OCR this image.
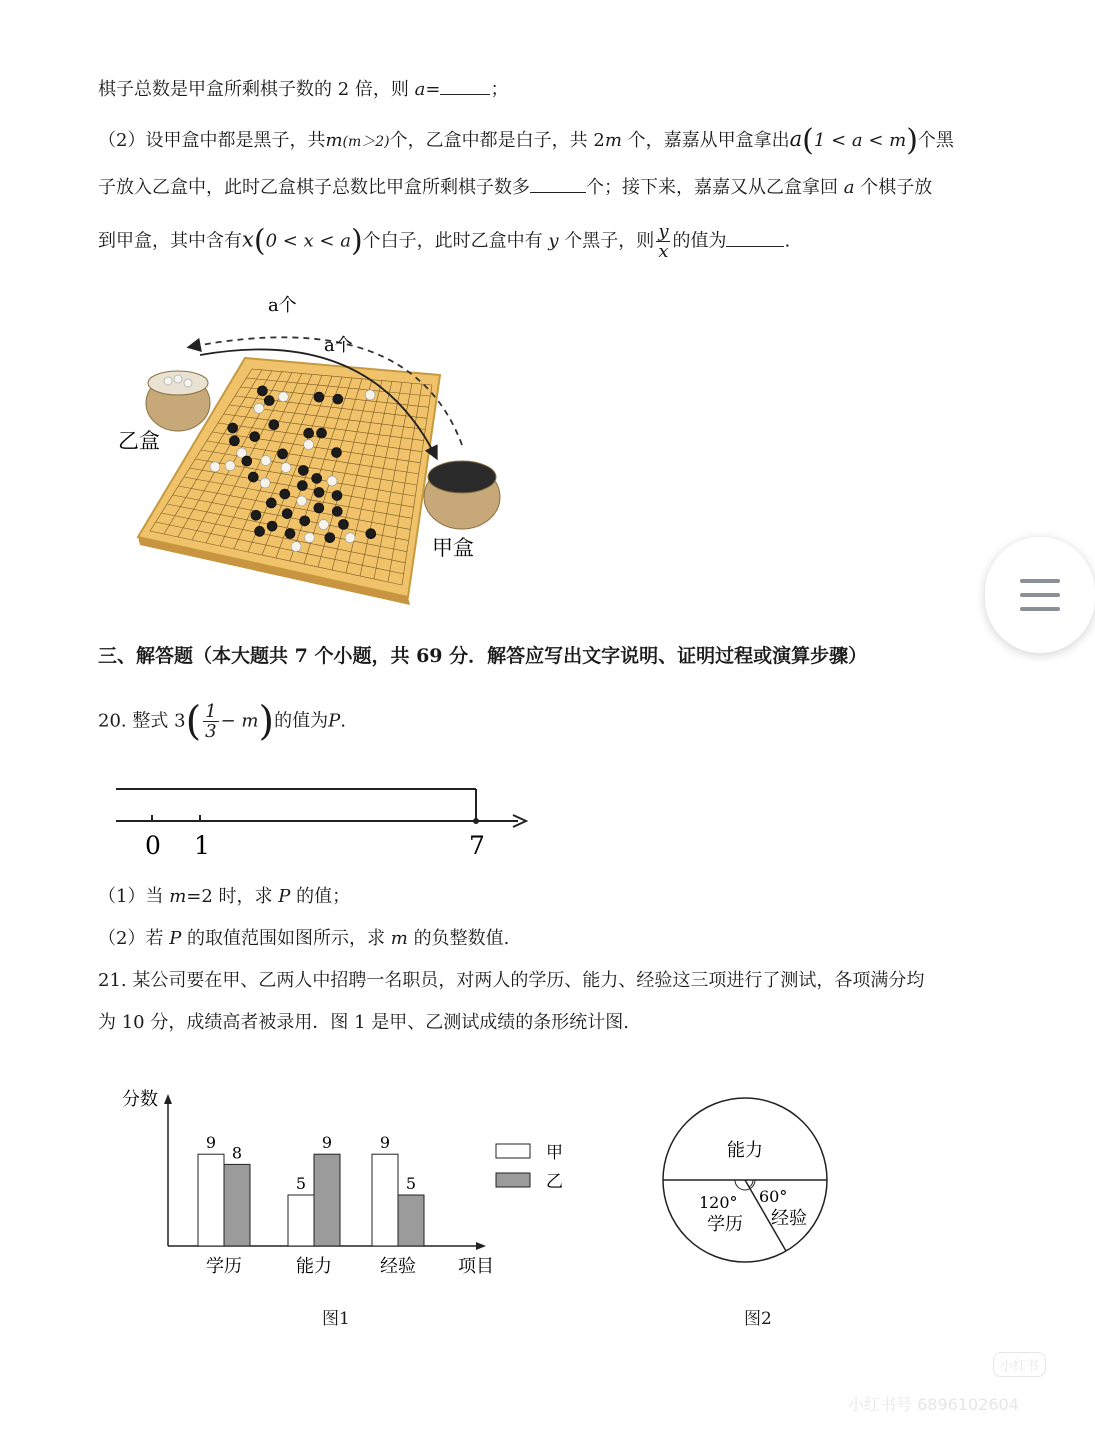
棋子总数是甲盒所剩棋子数的 2 倍，则 a=	；
（2）设甲盒中都是黑子，共m(m＞2)个，乙盒中都是白子，共 2m 个，嘉嘉从甲盒拿出a(1 < a < m)个黑
子放入乙盒中，此时乙盒棋子总数比甲盒所剩棋子数多	个；接下来，嘉嘉又从乙盒拿回 a 个棋子放
到甲盒，其中含有x(0 < x < a)个白子，此时乙盒中有 y 个黑子，则 $\frac{y}{x}$ 的值为	.
a个
a个
乙盒
甲盒
三、解答题（本大题共 7 个小题，共 69 分．解答应写出文字说明、证明过程或演算步骤）
20. 整式 $3( \frac{1}{3} - m)$的值为P.
0 1	7
（1）当 m=2 时，求 P 的值；
（2）若 P 的取值范围如图所示，求 m 的负整数值.
21. 某公司要在甲、乙两人中招聘一名职员，对两人的学历、能力、经验这三项进行了测试，各项满分均
为 10 分，成绩高者被录用．图 1 是甲、乙测试成绩的条形统计图.
分数
项目
9
8
学历
5
9
能力
9
5
经验
甲
乙
图1
能力
120°
学历
60°
经验
图2
小红书
小红书号 6896102604
